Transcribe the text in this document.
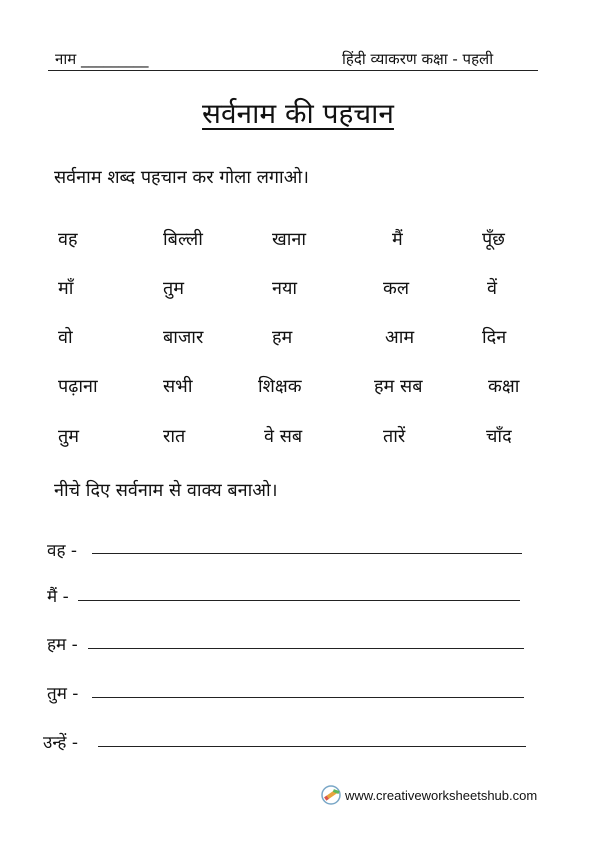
नाम _________	हिंदी व्याकरण कक्षा - पहली
सर्वनाम की पहचान
सर्वनाम शब्द पहचान कर गोला लगाओ।
वह	बिल्ली	खाना	मैं	पूँछ
माँ	तुम	नया	कल	वें
वो	बाजार	हम	आम	दिन
पढ़ाना	सभी	शिक्षक	हम सब	कक्षा
तुम	रात	वे सब	तारें	चाँद
नीचे दिए सर्वनाम से वाक्य बनाओ।
वह -
मैं -
हम -
तुम -
उन्हें -
www.creativeworksheetshub.com
